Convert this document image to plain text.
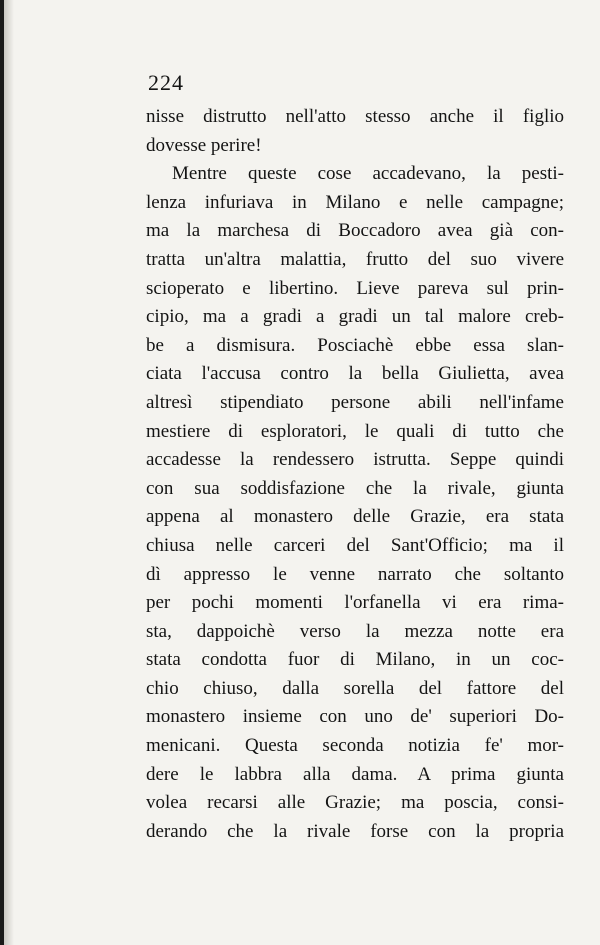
224
nisse distrutto nell'atto stesso anche il figlio
dovesse perire!
Mentre queste cose accadevano, la pesti-
lenza infuriava in Milano e nelle campagne;
ma la marchesa di Boccadoro avea già con-
tratta un'altra malattia, frutto del suo vivere
scioperato e libertino. Lieve pareva sul prin-
cipio, ma a gradi a gradi un tal malore creb-
be a dismisura. Posciachè ebbe essa slan-
ciata l'accusa contro la bella Giulietta, avea
altresì stipendiato persone abili nell'infame
mestiere di esploratori, le quali di tutto che
accadesse la rendessero istrutta. Seppe quindi
con sua soddisfazione che la rivale, giunta
appena al monastero delle Grazie, era stata
chiusa nelle carceri del Sant'Officio; ma il
dì appresso le venne narrato che soltanto
per pochi momenti l'orfanella vi era rima-
sta, dappoichè verso la mezza notte era
stata condotta fuor di Milano, in un coc-
chio chiuso, dalla sorella del fattore del
monastero insieme con uno de' superiori Do-
menicani. Questa seconda notizia fe' mor-
dere le labbra alla dama. A prima giunta
volea recarsi alle Grazie; ma poscia, consi-
derando che la rivale forse con la propria
